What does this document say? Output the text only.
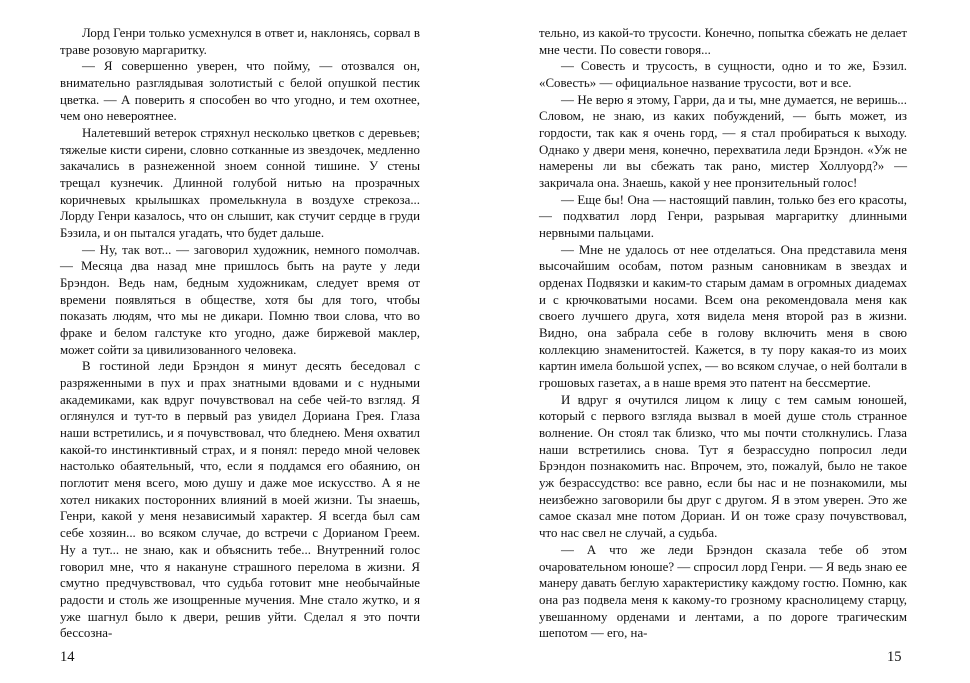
Лорд Генри только усмехнулся в ответ и, наклонясь, сорвал в траве розовую маргаритку.

— Я совершенно уверен, что пойму, — отозвался он, внимательно разглядывая золотистый с белой опушкой пестик цветка. — А поверить я способен во что угодно, и тем охотнее, чем оно невероятнее.

Налетевший ветерок стряхнул несколько цветков с деревьев; тяжелые кисти сирени, словно сотканные из звездочек, медленно закачались в разнеженной зноем сонной тишине. У стены трещал кузнечик. Длинной голубой нитью на прозрачных коричневых крылышках промелькнула в воздухе стрекоза... Лорду Генри казалось, что он слышит, как стучит сердце в груди Бэзила, и он пытался угадать, что будет дальше.

— Ну, так вот... — заговорил художник, немного помолчав. — Месяца два назад мне пришлось быть на рауте у леди Брэндон. Ведь нам, бедным художникам, следует время от времени появляться в обществе, хотя бы для того, чтобы показать людям, что мы не дикари. Помню твои слова, что во фраке и белом галстуке кто угодно, даже биржевой маклер, может сойти за цивилизованного человека.

В гостиной леди Брэндон я минут десять беседовал с разряженными в пух и прах знатными вдовами и с нудными академиками, как вдруг почувствовал на себе чей-то взгляд. Я оглянулся и тут-то в первый раз увидел Дориана Грея. Глаза наши встретились, и я почувствовал, что бледнею. Меня охватил какой-то инстинктивный страх, и я понял: передо мной человек настолько обаятельный, что, если я поддамся его обаянию, он поглотит меня всего, мою душу и даже мое искусство. А я не хотел никаких посторонних влияний в моей жизни. Ты знаешь, Генри, какой у меня независимый характер. Я всегда был сам себе хозяин... во всяком случае, до встречи с Дорианом Греем. Ну а тут... не знаю, как и объяснить тебе... Внутренний голос говорил мне, что я накануне страшного перелома в жизни. Я смутно предчувствовал, что судьба готовит мне необычайные радости и столь же изощренные мучения. Мне стало жутко, и я уже шагнул было к двери, решив уйти. Сделал я это почти бессозна-

14

тельно, из какой-то трусости. Конечно, попытка сбежать не делает мне чести. По совести говоря...

— Совесть и трусость, в сущности, одно и то же, Бэзил. «Совесть» — официальное название трусости, вот и все.

— Не верю я этому, Гарри, да и ты, мне думается, не веришь... Словом, не знаю, из каких побуждений, — быть может, из гордости, так как я очень горд, — я стал пробираться к выходу. Однако у двери меня, конечно, перехватила леди Брэндон. «Уж не намерены ли вы сбежать так рано, мистер Холлуорд?» — закричала она. Знаешь, какой у нее пронзительный голос!

— Еще бы! Она — настоящий павлин, только без его красоты, — подхватил лорд Генри, разрывая маргаритку длинными нервными пальцами.

— Мне не удалось от нее отделаться. Она представила меня высочайшим особам, потом разным сановникам в звездах и орденах Подвязки и каким-то старым дамам в огромных диадемах и с крючковатыми носами. Всем она рекомендовала меня как своего лучшего друга, хотя видела меня второй раз в жизни. Видно, она забрала себе в голову включить меня в свою коллекцию знаменитостей. Кажется, в ту пору какая-то из моих картин имела большой успех, — во всяком случае, о ней болтали в грошовых газетах, а в наше время это патент на бессмертие.

И вдруг я очутился лицом к лицу с тем самым юношей, который с первого взгляда вызвал в моей душе столь странное волнение. Он стоял так близко, что мы почти столкнулись. Глаза наши встретились снова. Тут я безрассудно попросил леди Брэндон познакомить нас. Впрочем, это, пожалуй, было не такое уж безрассудство: все равно, если бы нас и не познакомили, мы неизбежно заговорили бы друг с другом. Я в этом уверен. Это же самое сказал мне потом Дориан. И он тоже сразу почувствовал, что нас свел не случай, а судьба.

— А что же леди Брэндон сказала тебе об этом очаровательном юноше? — спросил лорд Генри. — Я ведь знаю ее манеру давать беглую характеристику каждому гостю. Помню, как она раз подвела меня к какому-то грозному краснолицему старцу, увешанному орденами и лентами, а по дороге трагическим шепотом — его, на-

15
